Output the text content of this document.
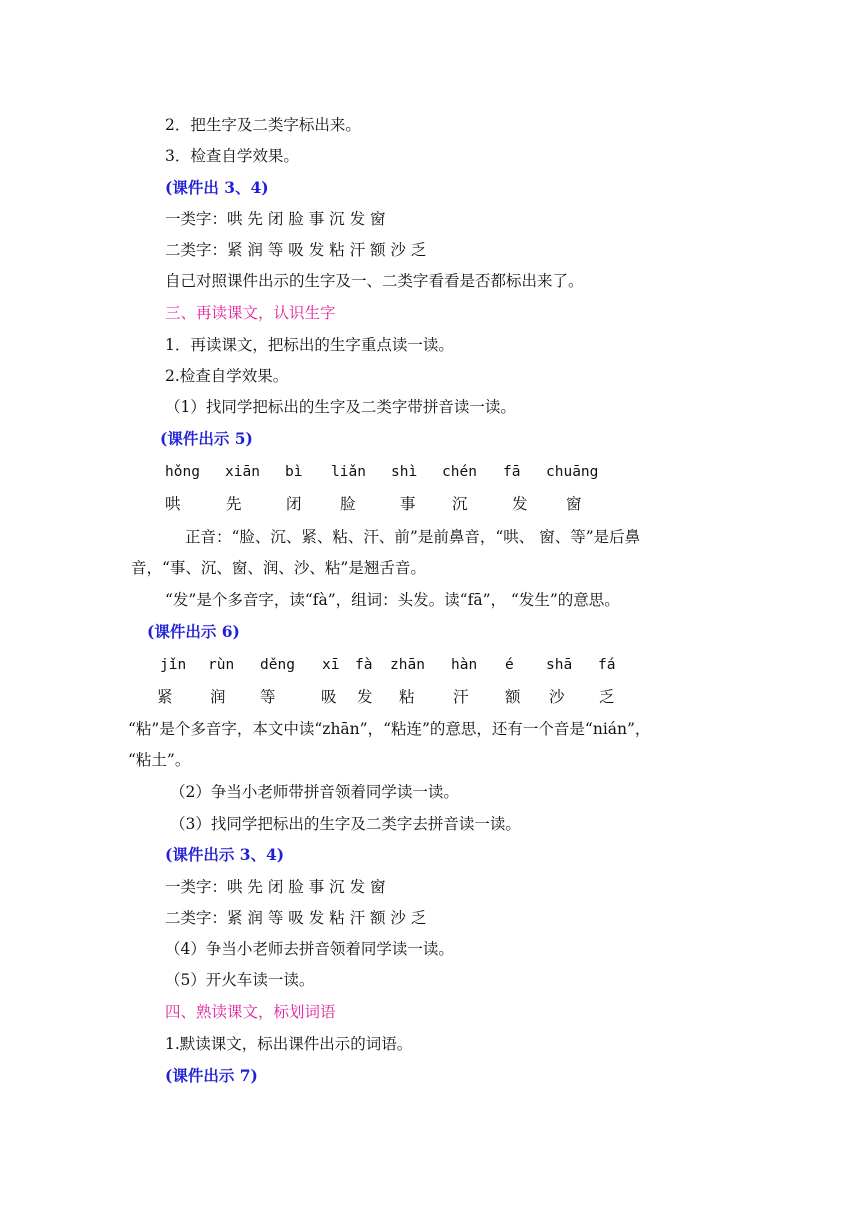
2．把生字及二类字标出来。
3．检查自学效果。
(课件出 3、4)
一类字：哄 先 闭 脸 事 沉 发 窗
二类字：紧 润 等 吸 发 粘 汗 额 沙 乏
自己对照课件出示的生字及一、二类字看看是否都标出来了。
三、再读课文，认识生字
1．再读课文，把标出的生字重点读一读。
2.检查自学效果。
（1）找同学把标出的生字及二类字带拼音读一读。
(课件出示 5)
hǒng xiān bì liǎn shì chén fā chuāng
哄	先	闭 脸	事 沉	发 窗
正音：“脸、沉、紧、粘、汗、前”是前鼻音，“哄、 窗、等”是后鼻
音，“事、沉、窗、润、沙、粘”是翘舌音。
“发”是个多音字，读“fà”，组词：头发。读“fā”， “发生”的意思。
(课件出示 6)
jǐn rùn děng xī fà zhān hàn é shā fá
紧 润 等	吸 发 粘 汗 额 沙 乏
“粘”是个多音字，本文中读“zhān”，“粘连”的意思，还有一个音是“nián”，
“粘土”。
（2）争当小老师带拼音领着同学读一读。
（3）找同学把标出的生字及二类字去拼音读一读。
(课件出示 3、4)
一类字：哄 先 闭 脸 事 沉 发 窗
二类字：紧 润 等 吸 发 粘 汗 额 沙 乏
（4）争当小老师去拼音领着同学读一读。
（5）开火车读一读。
四、熟读课文，标划词语
1.默读课文，标出课件出示的词语。
(课件出示 7)
